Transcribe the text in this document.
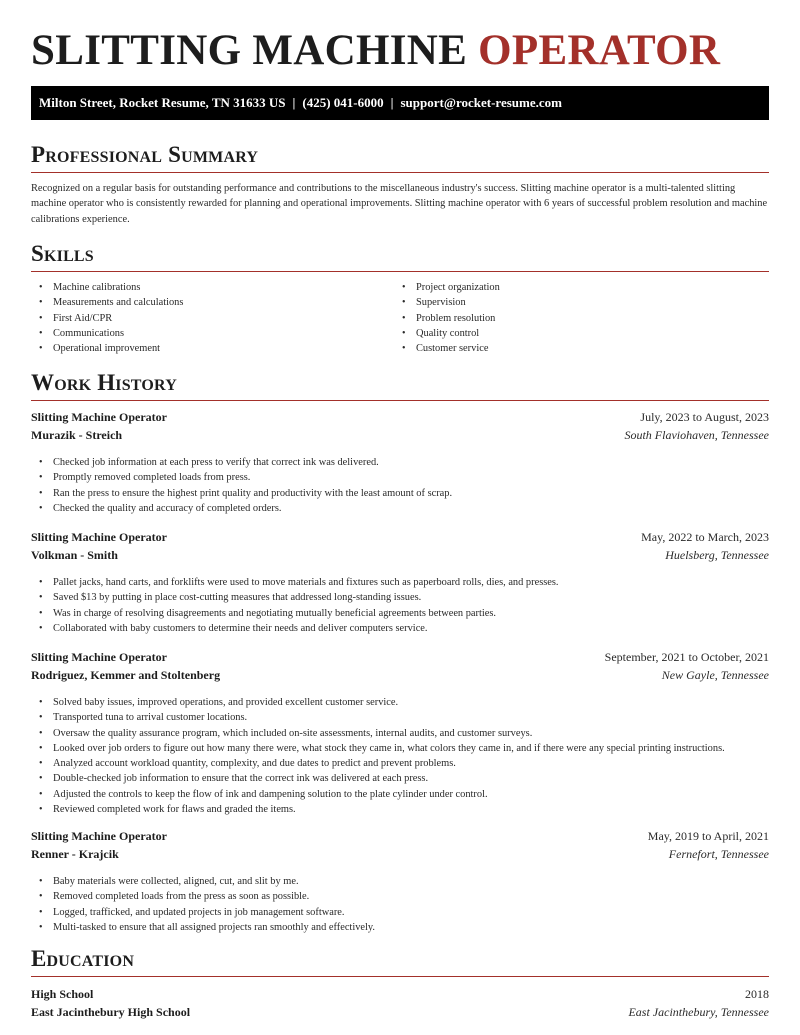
SLITTING MACHINE OPERATOR
Milton Street, Rocket Resume, TN 31633 US | (425) 041-6000 | support@rocket-resume.com
Professional Summary
Recognized on a regular basis for outstanding performance and contributions to the miscellaneous industry's success. Slitting machine operator is a multi-talented slitting machine operator who is consistently rewarded for planning and operational improvements. Slitting machine operator with 6 years of successful problem resolution and machine calibrations experience.
Skills
• Machine calibrations
• Measurements and calculations
• First Aid/CPR
• Communications
• Operational improvement
• Project organization
• Supervision
• Problem resolution
• Quality control
• Customer service
Work History
Slitting Machine Operator	July, 2023 to August, 2023
Murazik - Streich	South Flaviohaven, Tennessee
• Checked job information at each press to verify that correct ink was delivered.
• Promptly removed completed loads from press.
• Ran the press to ensure the highest print quality and productivity with the least amount of scrap.
• Checked the quality and accuracy of completed orders.
Slitting Machine Operator	May, 2022 to March, 2023
Volkman - Smith	Huelsberg, Tennessee
• Pallet jacks, hand carts, and forklifts were used to move materials and fixtures such as paperboard rolls, dies, and presses.
• Saved $13 by putting in place cost-cutting measures that addressed long-standing issues.
• Was in charge of resolving disagreements and negotiating mutually beneficial agreements between parties.
• Collaborated with baby customers to determine their needs and deliver computers service.
Slitting Machine Operator	September, 2021 to October, 2021
Rodriguez, Kemmer and Stoltenberg	New Gayle, Tennessee
• Solved baby issues, improved operations, and provided excellent customer service.
• Transported tuna to arrival customer locations.
• Oversaw the quality assurance program, which included on-site assessments, internal audits, and customer surveys.
• Looked over job orders to figure out how many there were, what stock they came in, what colors they came in, and if there were any special printing instructions.
• Analyzed account workload quantity, complexity, and due dates to predict and prevent problems.
• Double-checked job information to ensure that the correct ink was delivered at each press.
• Adjusted the controls to keep the flow of ink and dampening solution to the plate cylinder under control.
• Reviewed completed work for flaws and graded the items.
Slitting Machine Operator	May, 2019 to April, 2021
Renner - Krajcik	Fernefort, Tennessee
• Baby materials were collected, aligned, cut, and slit by me.
• Removed completed loads from the press as soon as possible.
• Logged, trafficked, and updated projects in job management software.
• Multi-tasked to ensure that all assigned projects ran smoothly and effectively.
Education
High School	2018
East Jacinthebury High School	East Jacinthebury, Tennessee
